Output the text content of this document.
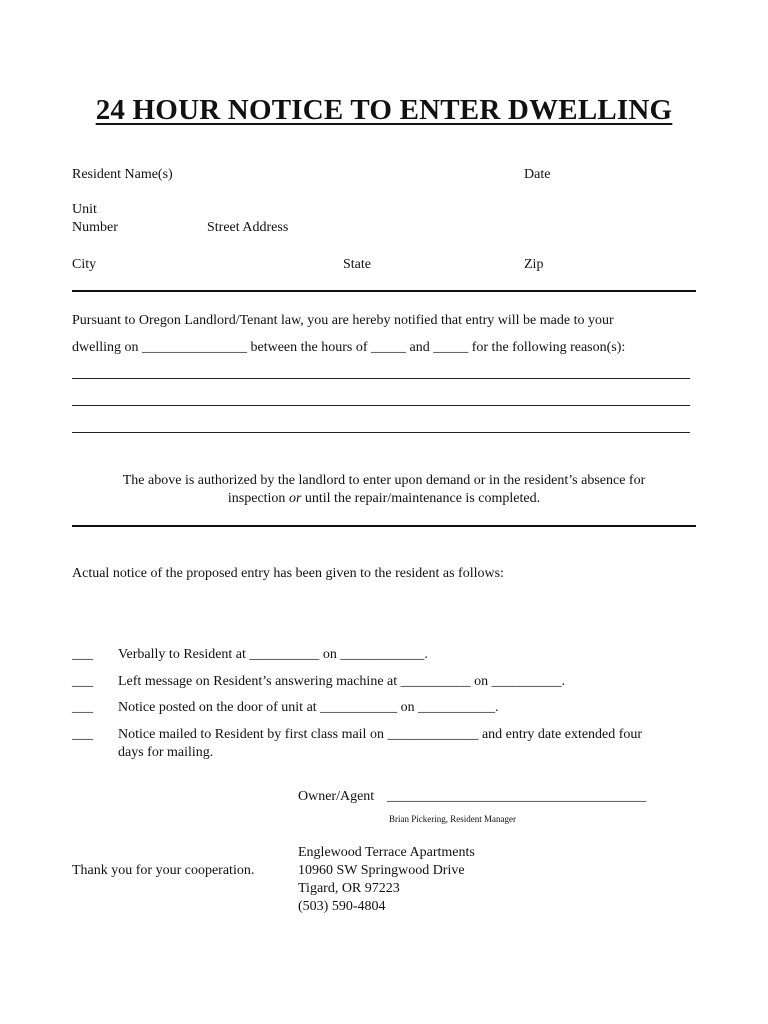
24 HOUR NOTICE TO ENTER DWELLING
Resident Name(s)	Date
Unit
Number	Street Address
City	State	Zip
Pursuant to Oregon Landlord/Tenant law, you are hereby notified that entry will be made to your
dwelling on _______________ between the hours of _____ and _____ for the following reason(s):
The above is authorized by the landlord to enter upon demand or in the resident’s absence for
inspection or until the repair/maintenance is completed.
Actual notice of the proposed entry has been given to the resident as follows:
___ Verbally to Resident at __________ on ____________.
___ Left message on Resident’s answering machine at __________ on __________.
___ Notice posted on the door of unit at ___________ on ___________.
___ Notice mailed to Resident by first class mail on _____________ and entry date extended four
days for mailing.
Owner/Agent _____________________________________
Brian Pickering, Resident Manager
Thank you for your cooperation.
Englewood Terrace Apartments
10960 SW Springwood Drive
Tigard, OR 97223
(503) 590-4804
